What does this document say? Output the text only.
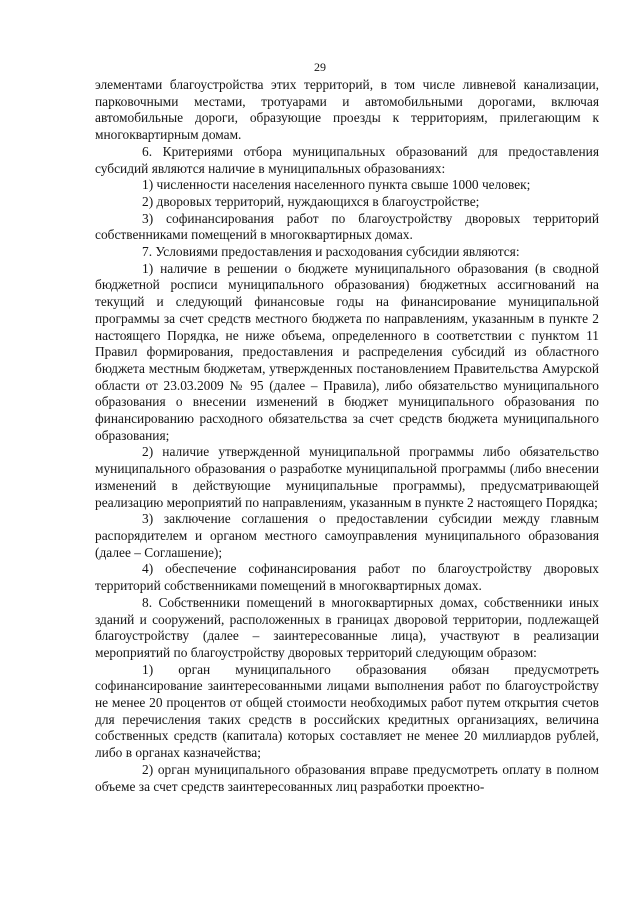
29

элементами благоустройства этих территорий, в том числе ливневой канализации, парковочными местами, тротуарами и автомобильными дорогами, включая автомобильные дороги, образующие проезды к территориям, прилегающим к многоквартирным домам.

6. Критериями отбора муниципальных образований для предоставления субсидий являются наличие в муниципальных образованиях:

1) численности населения населенного пункта свыше 1000 человек;

2) дворовых территорий, нуждающихся в благоустройстве;

3) софинансирования работ по благоустройству дворовых территорий собственниками помещений в многоквартирных домах.

7. Условиями предоставления и расходования субсидии являются:

1) наличие в решении о бюджете муниципального образования (в сводной бюджетной росписи муниципального образования) бюджетных ассигнований на текущий и следующий финансовые годы на финансирование муниципальной программы за счет средств местного бюджета по направлениям, указанным в пункте 2 настоящего Порядка, не ниже объема, определенного в соответствии с пунктом 11 Правил формирования, предоставления и распределения субсидий из областного бюджета местным бюджетам, утвержденных постановлением Правительства Амурской области от 23.03.2009 № 95 (далее – Правила), либо обязательство муниципального образования о внесении изменений в бюджет муниципального образования по финансированию расходного обязательства за счет средств бюджета муниципального образования;

2) наличие утвержденной муниципальной программы либо обязательство муниципального образования о разработке муниципальной программы (либо внесении изменений в действующие муниципальные программы), предусматривающей реализацию мероприятий по направлениям, указанным в пункте 2 настоящего Порядка;

3) заключение соглашения о предоставлении субсидии между главным распорядителем и органом местного самоуправления муниципального образования (далее – Соглашение);

4) обеспечение софинансирования работ по благоустройству дворовых территорий собственниками помещений в многоквартирных домах.

8. Собственники помещений в многоквартирных домах, собственники иных зданий и сооружений, расположенных в границах дворовой территории, подлежащей благоустройству (далее – заинтересованные лица), участвуют в реализации мероприятий по благоустройству дворовых территорий следующим образом:

1) орган муниципального образования обязан предусмотреть софинансирование заинтересованными лицами выполнения работ по благоустройству не менее 20 процентов от общей стоимости необходимых работ путем открытия счетов для перечисления таких средств в российских кредитных организациях, величина собственных средств (капитала) которых составляет не менее 20 миллиардов рублей, либо в органах казначейства;

2) орган муниципального образования вправе предусмотреть оплату в полном объеме за счет средств заинтересованных лиц разработки проектно-
